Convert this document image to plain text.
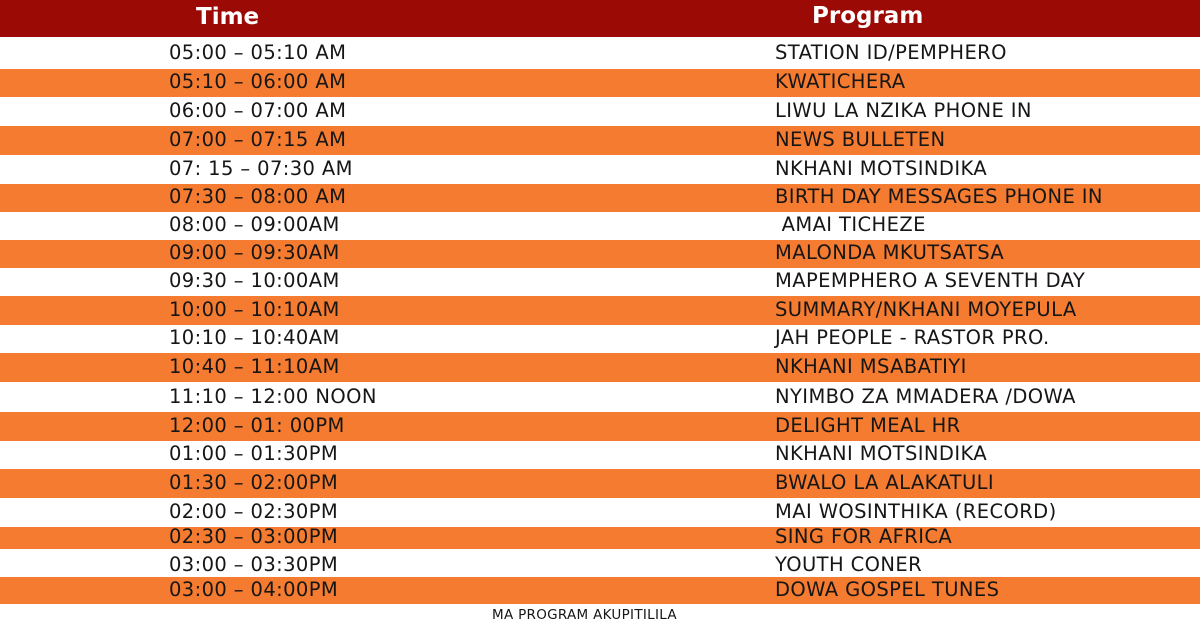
Time	Program
05:00 – 05:10 AM	STATION ID/PEMPHERO
05:10 – 06:00 AM	KWATICHERA
06:00 – 07:00 AM	LIWU LA NZIKA PHONE IN
07:00 – 07:15 AM	NEWS BULLETEN
07: 15 – 07:30 AM	NKHANI MOTSINDIKA
07:30 – 08:00 AM	BIRTH DAY MESSAGES PHONE IN
08:00 – 09:00AM	AMAI TICHEZE
09:00 – 09:30AM	MALONDA MKUTSATSA
09:30 – 10:00AM	MAPEMPHERO A SEVENTH DAY
10:00 – 10:10AM	SUMMARY/NKHANI MOYEPULA
10:10 – 10:40AM	JAH PEOPLE - RASTOR PRO.
10:40 – 11:10AM	NKHANI MSABATIYI
11:10 – 12:00 NOON	NYIMBO ZA MMADERA /DOWA
12:00 – 01: 00PM	DELIGHT MEAL HR
01:00 – 01:30PM	NKHANI MOTSINDIKA
01:30 – 02:00PM	BWALO LA ALAKATULI
02:00 – 02:30PM	MAI WOSINTHIKA (RECORD)
02:30 – 03:00PM	SING FOR AFRICA
03:00 – 03:30PM	YOUTH CONER
03:00 – 04:00PM	DOWA GOSPEL TUNES
MA PROGRAM AKUPITILILA
